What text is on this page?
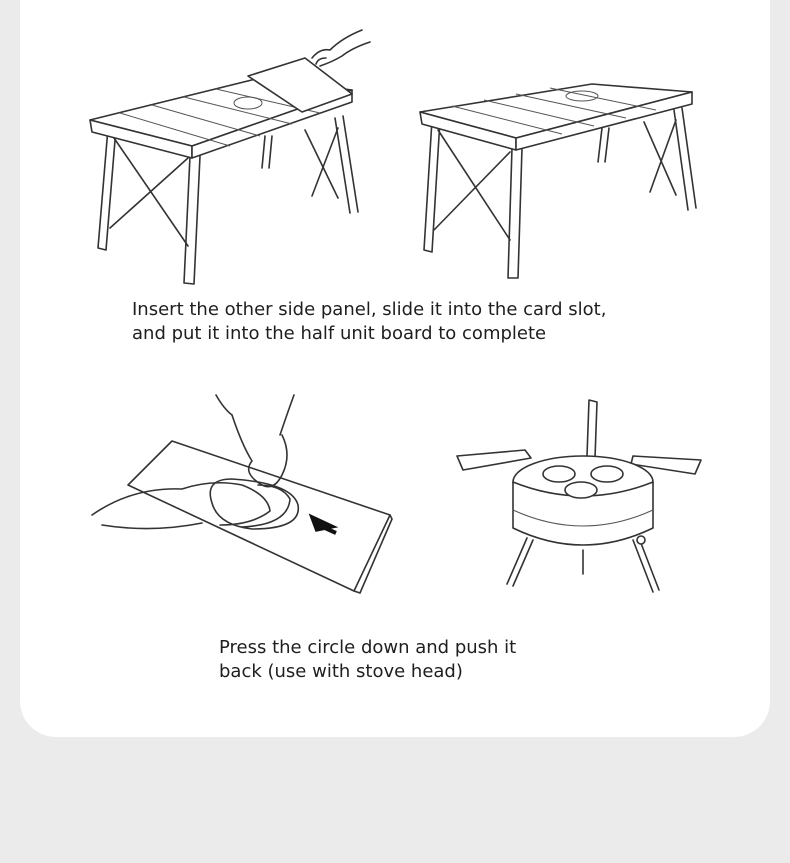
Insert the other side panel, slide it into the card slot,
and put it into the half unit board to complete

Press the circle down and push it
back (use with stove head)
